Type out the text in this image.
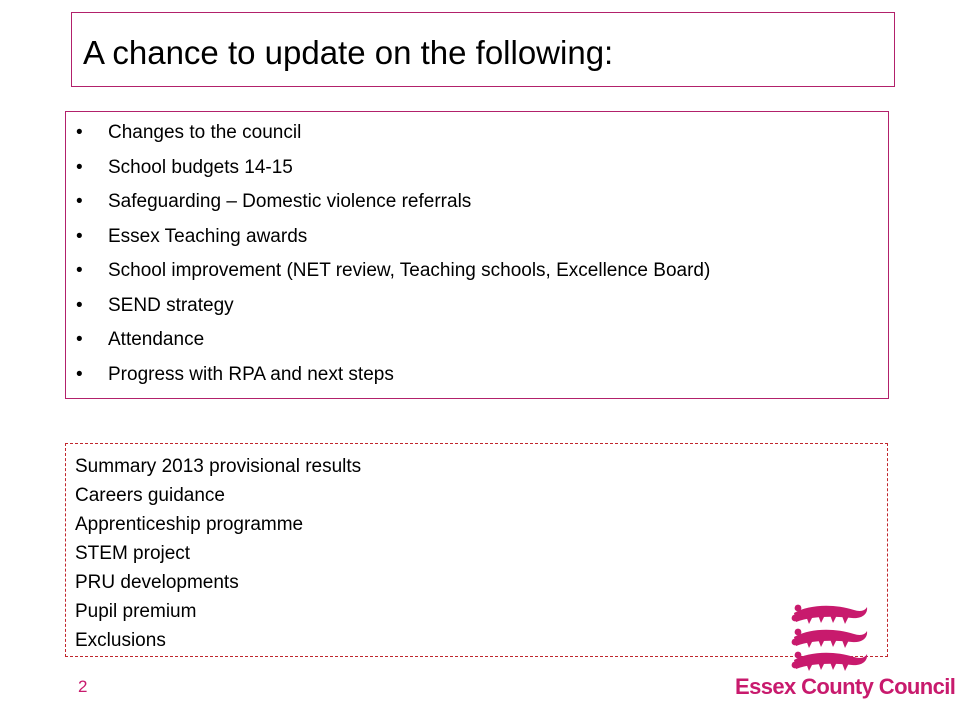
A chance to update on the following:
•	Changes to the council
•	School budgets 14-15
•	Safeguarding – Domestic violence referrals
•	Essex Teaching awards
•	School improvement (NET review, Teaching schools, Excellence Board)
•	SEND strategy
•	Attendance
•	Progress with RPA and next steps
Summary 2013 provisional results
Careers guidance
Apprenticeship programme
STEM project
PRU developments
Pupil premium
Exclusions
2	Essex County Council
